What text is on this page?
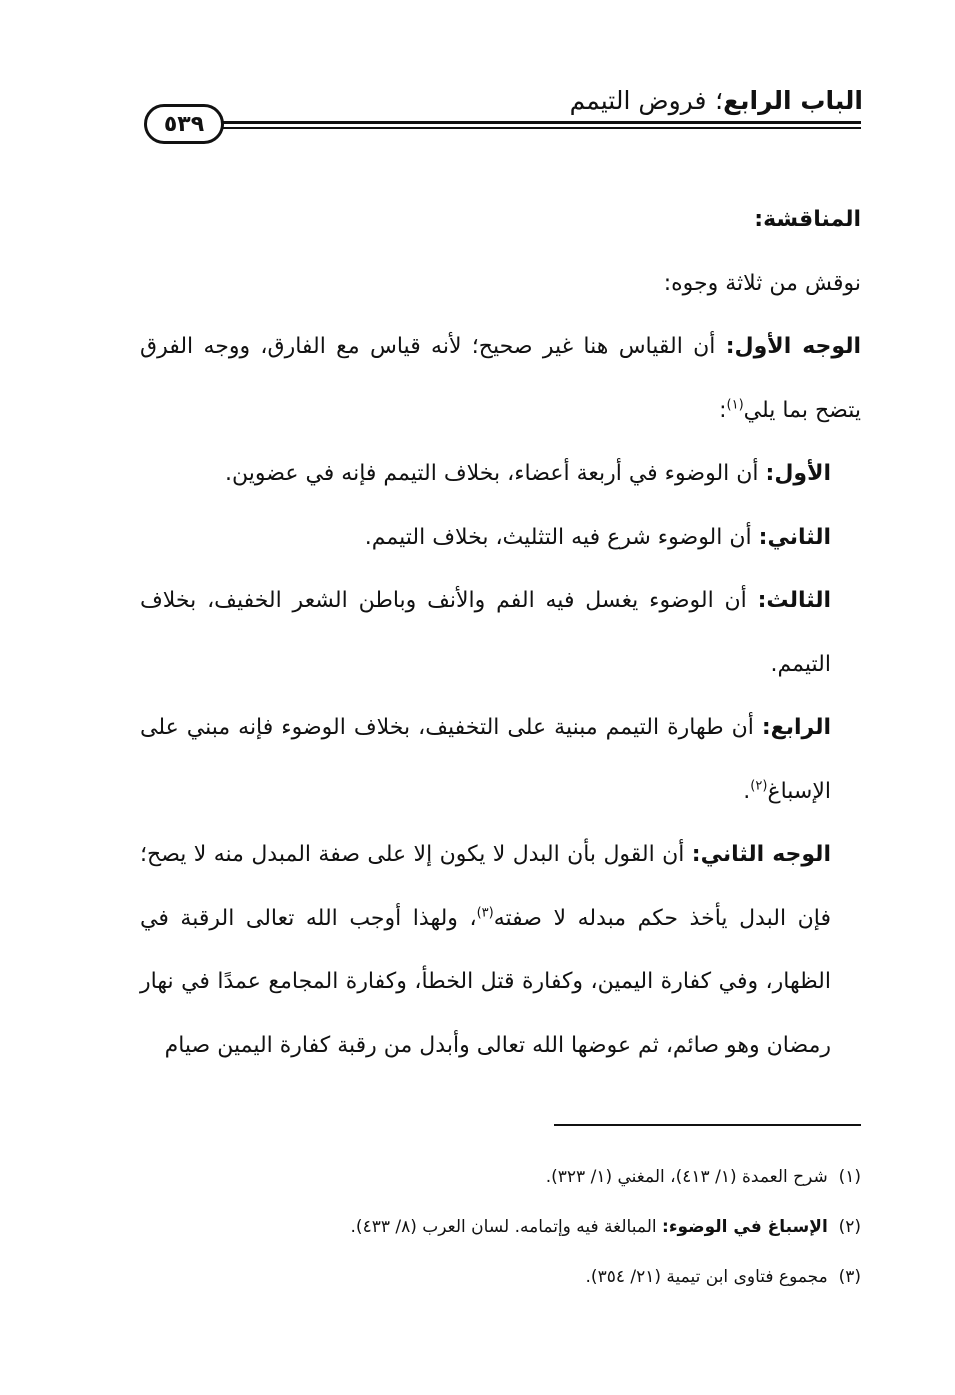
الباب الرابع؛ فروض التيمم
٥٣٩

المناقشة:

نوقش من ثلاثة وجوه:

الوجه الأول: أن القياس هنا غير صحيح؛ لأنه قياس مع الفارق، ووجه الفرق يتضح بما يلي$^{(١)}$:

الأول: أن الوضوء في أربعة أعضاء، بخلاف التيمم فإنه في عضوين.

الثاني: أن الوضوء شرع فيه التثليث، بخلاف التيمم.

الثالث: أن الوضوء يغسل فيه الفم والأنف وباطن الشعر الخفيف، بخلاف التيمم.

الرابع: أن طهارة التيمم مبنية على التخفيف، بخلاف الوضوء فإنه مبني على الإسباغ$^{(٢)}$.

الوجه الثاني: أن القول بأن البدل لا يكون إلا على صفة المبدل منه لا يصح؛ فإن البدل يأخذ حكم مبدله لا صفته$^{(٣)}$، ولهذا أوجب الله تعالى الرقبة في الظهار، وفي كفارة اليمين، وكفارة قتل الخطأ، وكفارة المجامع عمدًا في نهار رمضان وهو صائم، ثم عوضها الله تعالى وأبدل من رقبة كفارة اليمين صيام

(١)  شرح العمدة (١/ ٤١٣)، المغني (١/ ٣٢٣).

(٢)  الإسباغ في الوضوء: المبالغة فيه وإتمامه. لسان العرب (٨/ ٤٣٣).

(٣)  مجموع فتاوى ابن تيمية (٢١/ ٣٥٤).
